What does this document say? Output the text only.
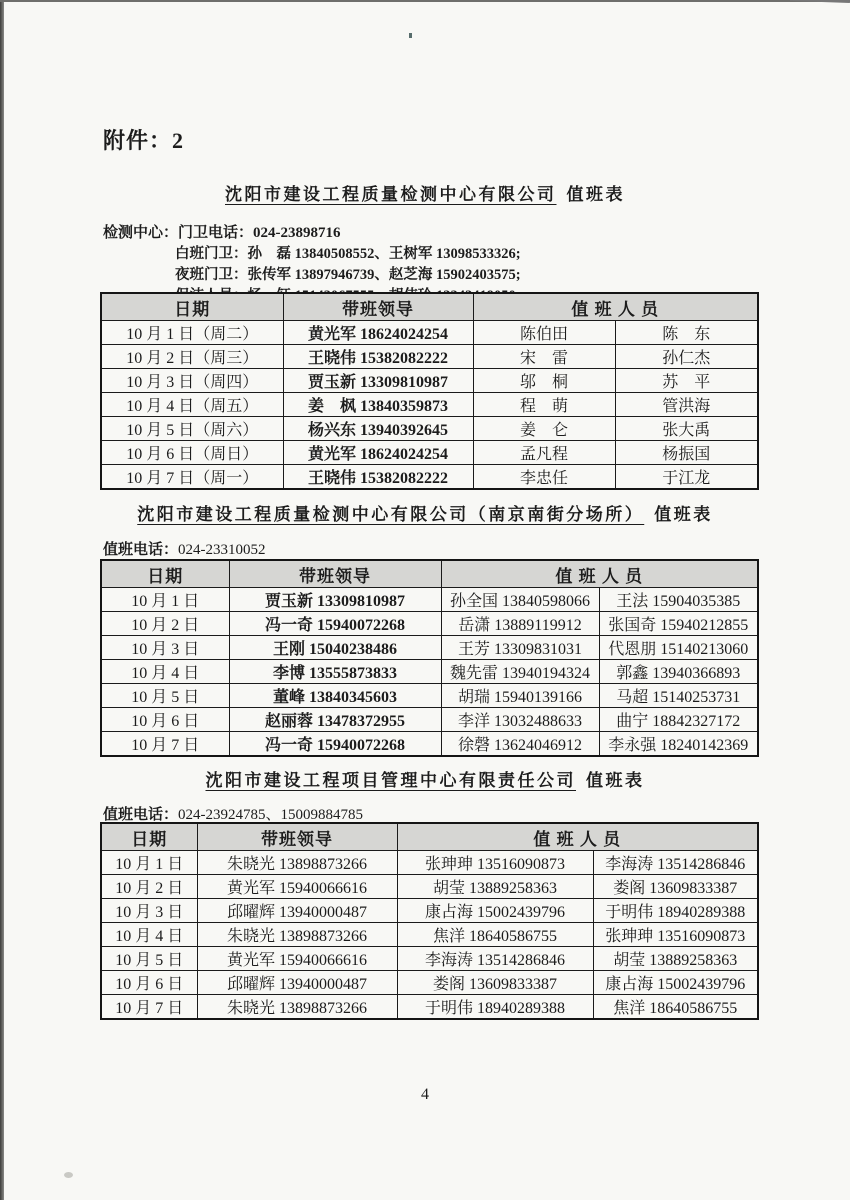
附件：2
沈阳市建设工程质量检测中心有限公司 值班表
检测中心：门卫电话：024-23898716
白班门卫：孙　磊 13840508552、王树军 13098533326;
夜班门卫：张传军 13897946739、赵芝海 15902403575;
日期	带班领导	值 班 人 员	
10 月 1 日（周二）	黄光军 18624024254	陈伯田	陈　东
10 月 2 日（周三）	王晓伟 15382082222	宋　雷	孙仁杰
10 月 3 日（周四）	贾玉新 13309810987	邬　桐	苏　平
10 月 4 日（周五）	姜　枫 13840359873	程　萌	管洪海
10 月 5 日（周六）	杨兴东 13940392645	姜　仑	张大禹
10 月 6 日（周日）	黄光军 18624024254	孟凡程	杨振国
10 月 7 日（周一）	王晓伟 15382082222	李忠任	于江龙
沈阳市建设工程质量检测中心有限公司（南京南街分场所） 值班表
值班电话：024-23310052
日期	带班领导	值 班 人 员	
10 月 1 日	贾玉新 13309810987	孙全国 13840598066	王法 15904035385
10 月 2 日	冯一奇 15940072268	岳潇 13889119912	张国奇 15940212855
10 月 3 日	王刚 15040238486	王芳 13309831031	代恩朋 15140213060
10 月 4 日	李博 13555873833	魏先雷 13940194324	郭鑫 13940366893
10 月 5 日	董峰 13840345603	胡瑞 15940139166	马超 15140253731
10 月 6 日	赵丽蓉 13478372955	李洋 13032488633	曲宁 18842327172
10 月 7 日	冯一奇 15940072268	徐磬 13624046912	李永强 18240142369
沈阳市建设工程项目管理中心有限责任公司 值班表
值班电话：024-23924785、15009884785
日期	带班领导	值 班 人 员	
10 月 1 日	朱晓光 13898873266	张珅珅 13516090873	李海涛 13514286846
10 月 2 日	黄光军 15940066616	胡莹 13889258363	娄阁 13609833387
10 月 3 日	邱曜辉 13940000487	康占海 15002439796	于明伟 18940289388
10 月 4 日	朱晓光 13898873266	焦洋 18640586755	张珅珅 13516090873
10 月 5 日	黄光军 15940066616	李海涛 13514286846	胡莹 13889258363
10 月 6 日	邱曜辉 13940000487	娄阁 13609833387	康占海 15002439796
10 月 7 日	朱晓光 13898873266	于明伟 18940289388	焦洋 18640586755
4
